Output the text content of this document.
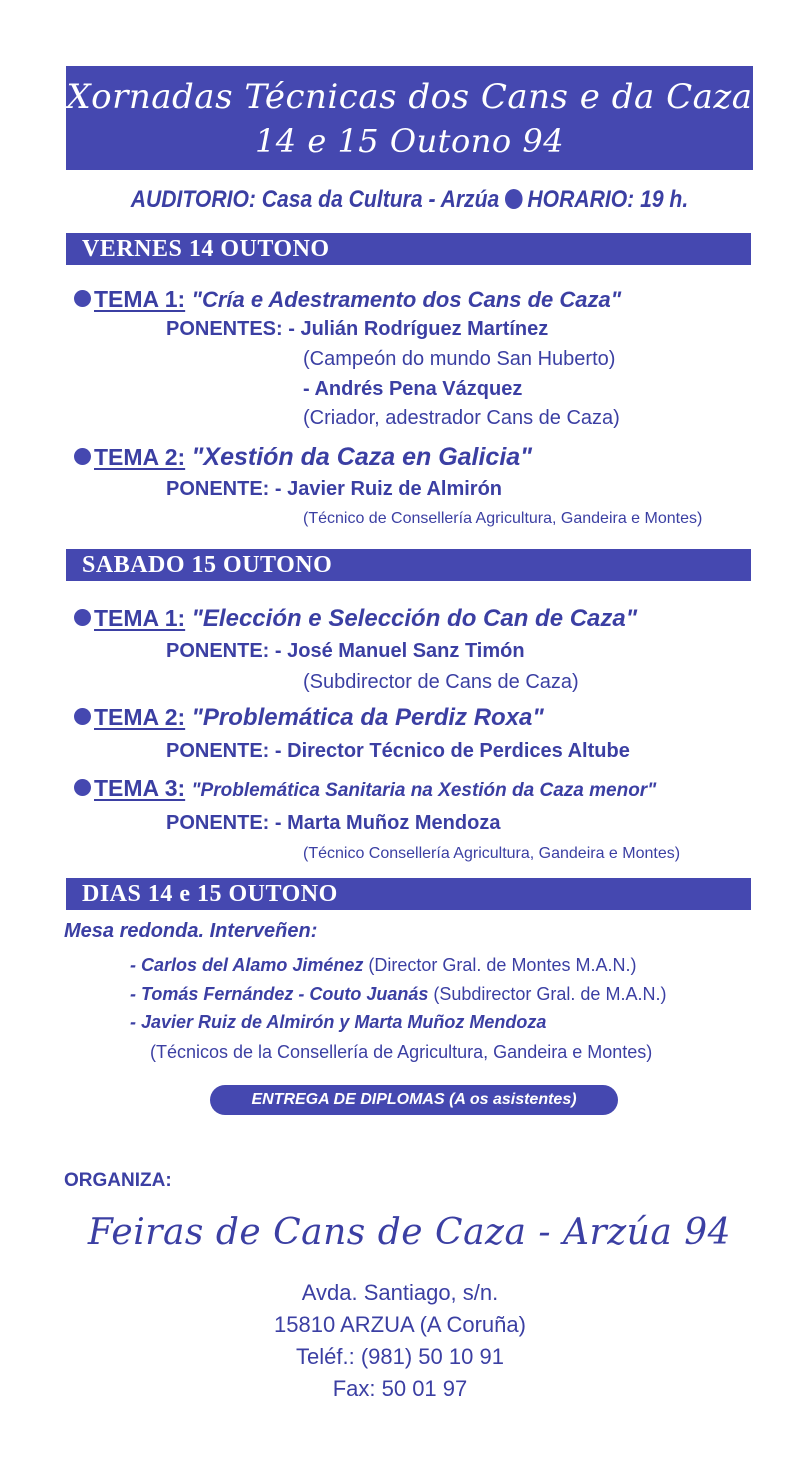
Xornadas Técnicas dos Cans e da Caza
14 e 15 Outono 94
AUDITORIO: Casa da Cultura - Arzúa HORARIO: 19 h.
VERNES 14 OUTONO
TEMA 1: "Cría e Adestramento dos Cans de Caza"
PONENTES: - Julián Rodríguez Martínez
(Campeón do mundo San Huberto)
- Andrés Pena Vázquez
(Criador, adestrador Cans de Caza)
TEMA 2: "Xestión da Caza en Galicia"
PONENTE: - Javier Ruiz de Almirón
(Técnico de Consellería Agricultura, Gandeira e Montes)
SABADO 15 OUTONO
TEMA 1: "Elección e Selección do Can de Caza"
PONENTE: - José Manuel Sanz Timón
(Subdirector de Cans de Caza)
TEMA 2: "Problemática da Perdiz Roxa"
PONENTE: - Director Técnico de Perdices Altube
TEMA 3: "Problemática Sanitaria na Xestión da Caza menor"
PONENTE: - Marta Muñoz Mendoza
(Técnico Consellería Agricultura, Gandeira e Montes)
DIAS 14 e 15 OUTONO
Mesa redonda. Interveñen:
- Carlos del Alamo Jiménez (Director Gral. de Montes M.A.N.)
- Tomás Fernández - Couto Juanás (Subdirector Gral. de M.A.N.)
- Javier Ruiz de Almirón y Marta Muñoz Mendoza
(Técnicos de la Consellería de Agricultura, Gandeira e Montes)
ENTREGA DE DIPLOMAS (A os asistentes)
ORGANIZA:
Feiras de Cans de Caza - Arzúa 94
Avda. Santiago, s/n.
15810 ARZUA (A Coruña)
Teléf.: (981) 50 10 91
Fax: 50 01 97
